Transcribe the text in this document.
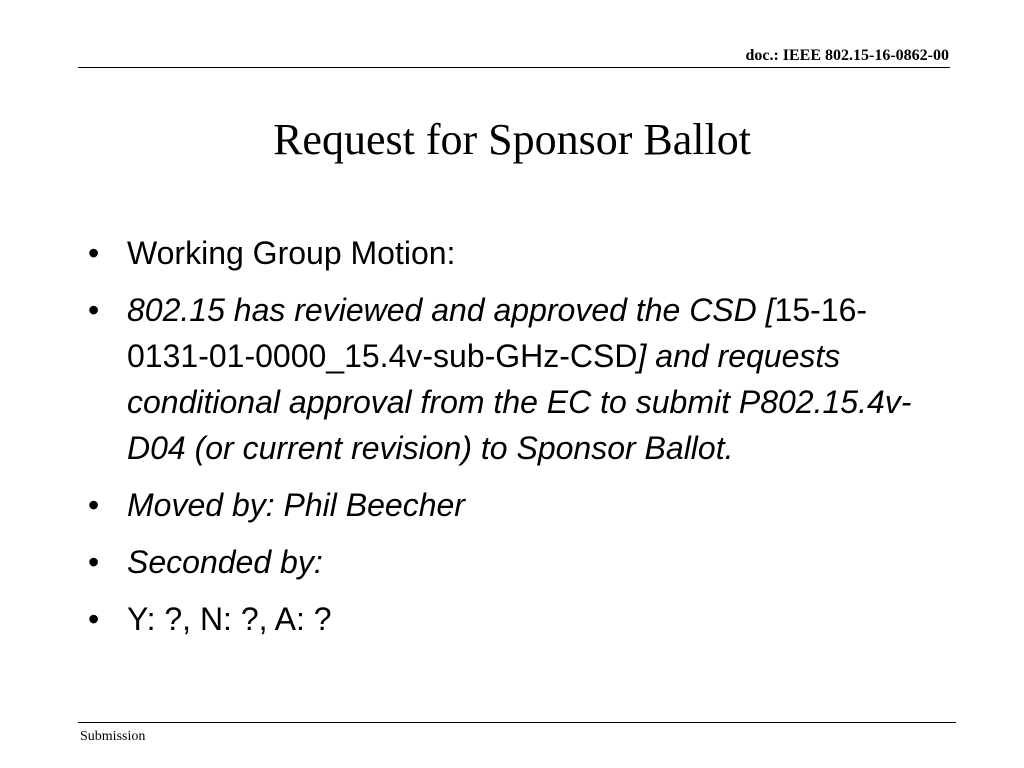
doc.: IEEE 802.15-16-0862-00
Request for Sponsor Ballot
• Working Group Motion:
• 802.15 has reviewed and approved the CSD [15-16-0131-01-0000_15.4v-sub-GHz-CSD] and requests conditional approval from the EC to submit P802.15.4v-D04 (or current revision) to Sponsor Ballot.
• Moved by: Phil Beecher
• Seconded by:
• Y: ?, N: ?, A: ?
Submission
